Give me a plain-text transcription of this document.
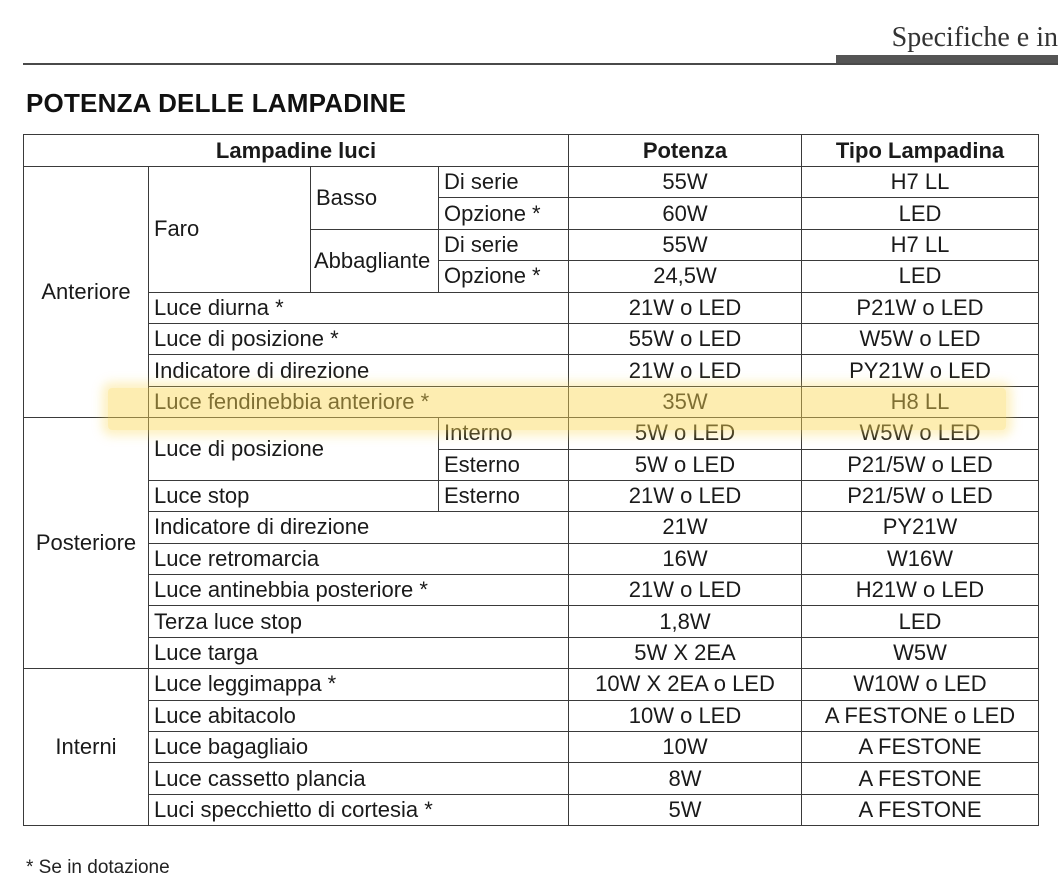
Specifiche e in
POTENZA DELLE LAMPADINE
Lampadine luci				Potenza	Tipo Lampadina
Anteriore	Faro	Basso	Di serie	55W	H7 LL
			Opzione *	60W	LED
		Abbagliante	Di serie	55W	H7 LL
			Opzione *	24,5W	LED
	Luce diurna *			21W o LED	P21W o LED
	Luce di posizione *			55W o LED	W5W o LED
	Indicatore di direzione			21W o LED	PY21W o LED
	Luce fendinebbia anteriore *			35W	H8 LL
Posteriore	Luce di posizione		Interno	5W o LED	W5W o LED
			Esterno	5W o LED	P21/5W o LED
	Luce stop		Esterno	21W o LED	P21/5W o LED
	Indicatore di direzione			21W	PY21W
	Luce retromarcia			16W	W16W
	Luce antinebbia posteriore *			21W o LED	H21W o LED
	Terza luce stop			1,8W	LED
	Luce targa			5W X 2EA	W5W
Interni	Luce leggimappa *			10W X 2EA o LED	W10W o LED
	Luce abitacolo			10W o LED	A FESTONE o LED
	Luce bagagliaio			10W	A FESTONE
	Luce cassetto plancia			8W	A FESTONE
	Luci specchietto di cortesia *			5W	A FESTONE
* Se in dotazione
